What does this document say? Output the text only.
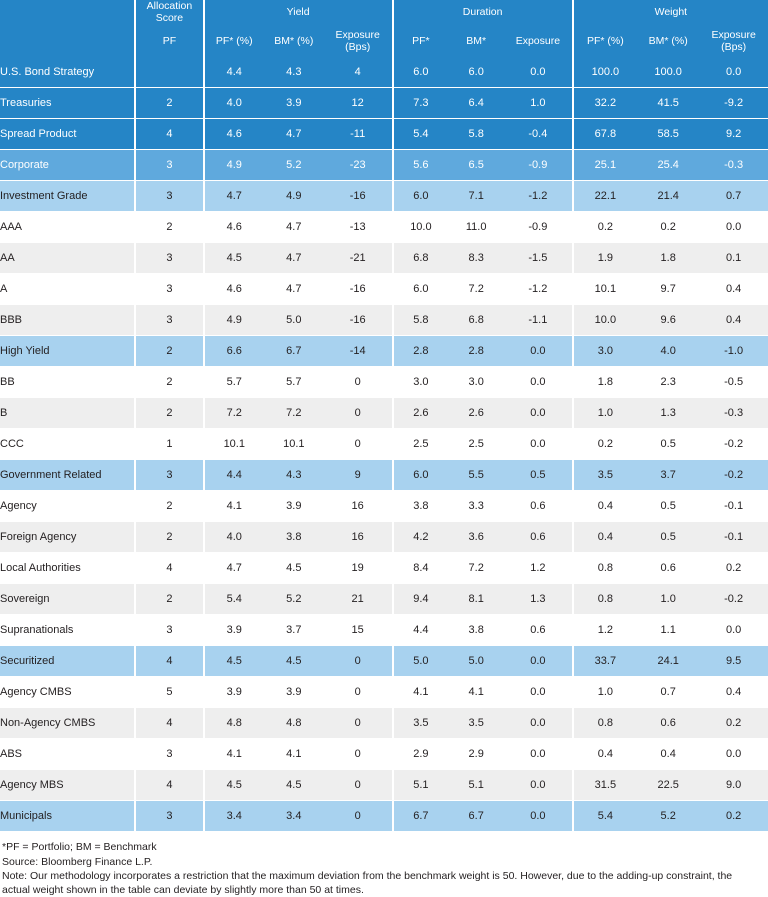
	Allocation Score	Yield			Duration			Weight		
	PF	PF* (%)	BM* (%)	Exposure (Bps)	PF*	BM*	Exposure	PF* (%)	BM* (%)	Exposure (Bps)
U.S. Bond Strategy		4.4	4.3	4	6.0	6.0	0.0	100.0	100.0	0.0
Treasuries	2	4.0	3.9	12	7.3	6.4	1.0	32.2	41.5	-9.2
Spread Product	4	4.6	4.7	-11	5.4	5.8	-0.4	67.8	58.5	9.2
Corporate	3	4.9	5.2	-23	5.6	6.5	-0.9	25.1	25.4	-0.3
Investment Grade	3	4.7	4.9	-16	6.0	7.1	-1.2	22.1	21.4	0.7
AAA	2	4.6	4.7	-13	10.0	11.0	-0.9	0.2	0.2	0.0
AA	3	4.5	4.7	-21	6.8	8.3	-1.5	1.9	1.8	0.1
A	3	4.6	4.7	-16	6.0	7.2	-1.2	10.1	9.7	0.4
BBB	3	4.9	5.0	-16	5.8	6.8	-1.1	10.0	9.6	0.4
High Yield	2	6.6	6.7	-14	2.8	2.8	0.0	3.0	4.0	-1.0
BB	2	5.7	5.7	0	3.0	3.0	0.0	1.8	2.3	-0.5
B	2	7.2	7.2	0	2.6	2.6	0.0	1.0	1.3	-0.3
CCC	1	10.1	10.1	0	2.5	2.5	0.0	0.2	0.5	-0.2
Government Related	3	4.4	4.3	9	6.0	5.5	0.5	3.5	3.7	-0.2
Agency	2	4.1	3.9	16	3.8	3.3	0.6	0.4	0.5	-0.1
Foreign Agency	2	4.0	3.8	16	4.2	3.6	0.6	0.4	0.5	-0.1
Local Authorities	4	4.7	4.5	19	8.4	7.2	1.2	0.8	0.6	0.2
Sovereign	2	5.4	5.2	21	9.4	8.1	1.3	0.8	1.0	-0.2
Supranationals	3	3.9	3.7	15	4.4	3.8	0.6	1.2	1.1	0.0
Securitized	4	4.5	4.5	0	5.0	5.0	0.0	33.7	24.1	9.5
Agency CMBS	5	3.9	3.9	0	4.1	4.1	0.0	1.0	0.7	0.4
Non-Agency CMBS	4	4.8	4.8	0	3.5	3.5	0.0	0.8	0.6	0.2
ABS	3	4.1	4.1	0	2.9	2.9	0.0	0.4	0.4	0.0
Agency MBS	4	4.5	4.5	0	5.1	5.1	0.0	31.5	22.5	9.0
Municipals	3	3.4	3.4	0	6.7	6.7	0.0	5.4	5.2	0.2
*PF = Portfolio; BM = Benchmark
Source: Bloomberg Finance L.P.
Note: Our methodology incorporates a restriction that the maximum deviation from the benchmark weight is 50. However, due to the adding-up constraint, the actual weight shown in the table can deviate by slightly more than 50 at times.
